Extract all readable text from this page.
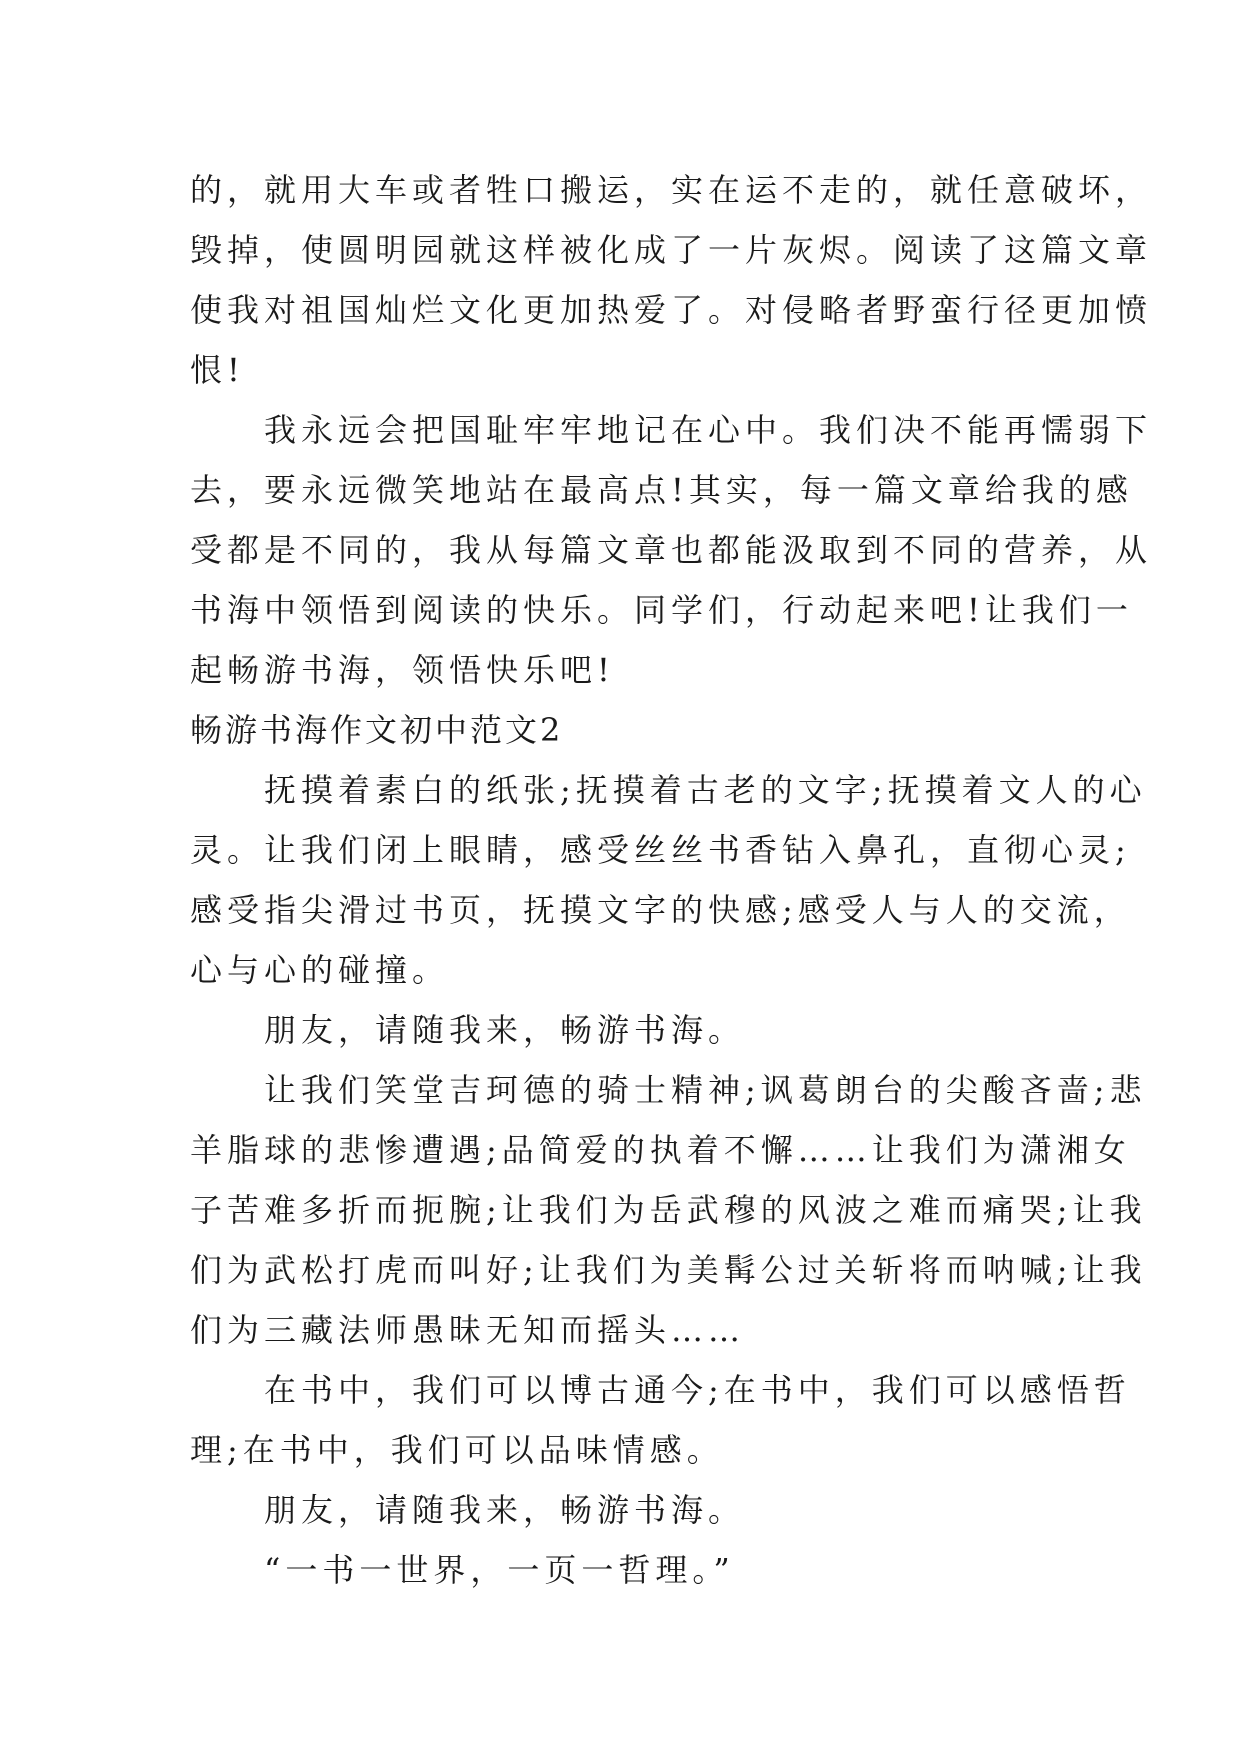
的，就用大车或者牲口搬运，实在运不走的，就任意破坏，
毁掉，使圆明园就这样被化成了一片灰烬。阅读了这篇文章
使我对祖国灿烂文化更加热爱了。对侵略者野蛮行径更加愤
恨!
　　我永远会把国耻牢牢地记在心中。我们决不能再懦弱下
去，要永远微笑地站在最高点!其实，每一篇文章给我的感
受都是不同的，我从每篇文章也都能汲取到不同的营养，从
书海中领悟到阅读的快乐。同学们，行动起来吧!让我们一
起畅游书海，领悟快乐吧!
畅游书海作文初中范文2
　　抚摸着素白的纸张;抚摸着古老的文字;抚摸着文人的心
灵。让我们闭上眼睛，感受丝丝书香钻入鼻孔，直彻心灵;
感受指尖滑过书页，抚摸文字的快感;感受人与人的交流，
心与心的碰撞。
　　朋友，请随我来，畅游书海。
　　让我们笑堂吉珂德的骑士精神;讽葛朗台的尖酸吝啬;悲
羊脂球的悲惨遭遇;品简爱的执着不懈……让我们为潇湘女
子苦难多折而扼腕;让我们为岳武穆的风波之难而痛哭;让我
们为武松打虎而叫好;让我们为美髯公过关斩将而呐喊;让我
们为三藏法师愚昧无知而摇头……
　　在书中，我们可以博古通今;在书中，我们可以感悟哲
理;在书中，我们可以品味情感。
　　朋友，请随我来，畅游书海。
　　“一书一世界，一页一哲理。”
